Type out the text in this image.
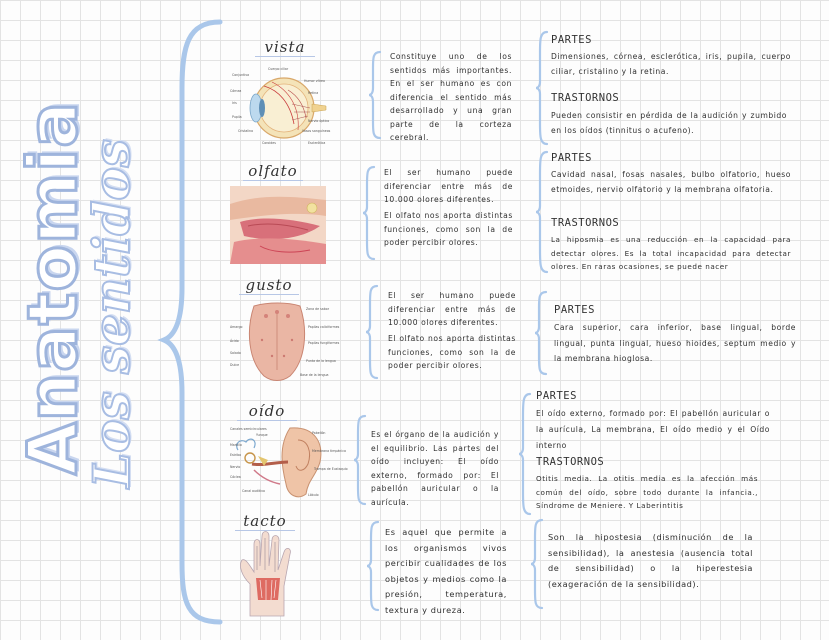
Anatomia
Los sentidos
vista
Conjuntiva
Córnea
Iris
Pupila
Cristalino
Cuerpo ciliar
Humor vítreo
Retina
Nervio óptico
Vasos sanguíneos
Coroides	Esclerótica
Constituye uno de los sentidos más importantes. En el ser humano es con diferencia el sentido más desarrollado y una gran parte de la corteza cerebral.
PARTES
Dimensiones, córnea, esclerótica, iris, pupila, cuerpo ciliar, cristalino y la retina.
TRASTORNOS
Pueden consistir en pérdida de la audición y zumbido en los oídos (tinnitus o acufeno).
olfato	El ser humano puede diferenciar entre más de 10.000 olores diferentes.
El olfato nos aporta distintas funciones, como son la de poder percibir olores.
PARTES
Cavidad nasal, fosas nasales, bulbo olfatorio, hueso etmoides, nervio olfatorio y la membrana olfatoria.
TRASTORNOS
La hiposmia es una reducción en la capacidad para detectar olores. Es la total incapacidad para detectar olores. En raras ocasiones, se puede nacer
gusto
Zona de sabor
Amargo
Ácido
Salado
Dulce
Papilas caliciformes
Papilas fungiformes
Punta de la lengua
Base de la lengua
El ser humano puede diferenciar entre más de 10.000 olores diferentes.
El olfato nos aporta distintas funciones, como son la de poder percibir olores.
PARTES
Cara superior, cara inferior, base lingual, borde lingual, punta lingual, hueso hioides, septum medio y la membrana hioglosa.
oído
Canales semicirculares
Martillo
Estribo
Nervio
Cóclea
Membrana timpánica
Yunque
Trompa de Eustaquio
Canal auditivo
Pabellón
Lóbulo
Es el órgano de la audición y el equilibrio. Las partes del oído incluyen: El oído externo, formado por: El pabellón auricular o la aurícula.
PARTES
El oído externo, formado por: El pabellón auricular o la aurícula, La membrana, El oído medio y el Oído interno
TRASTORNOS
Otitis media. La otitis media es la afección más común del oído, sobre todo durante la infancia., Síndrome de Meniere. Y Laberintitis
tacto
Es aquel que permite a los organismos vivos percibir cualidades de los objetos y medios como la presión, temperatura, textura y dureza.
Son la hipostesia (disminución de la sensibilidad), la anestesia (ausencia total de sensibilidad) o la hiperestesia (exageración de la sensibilidad).
